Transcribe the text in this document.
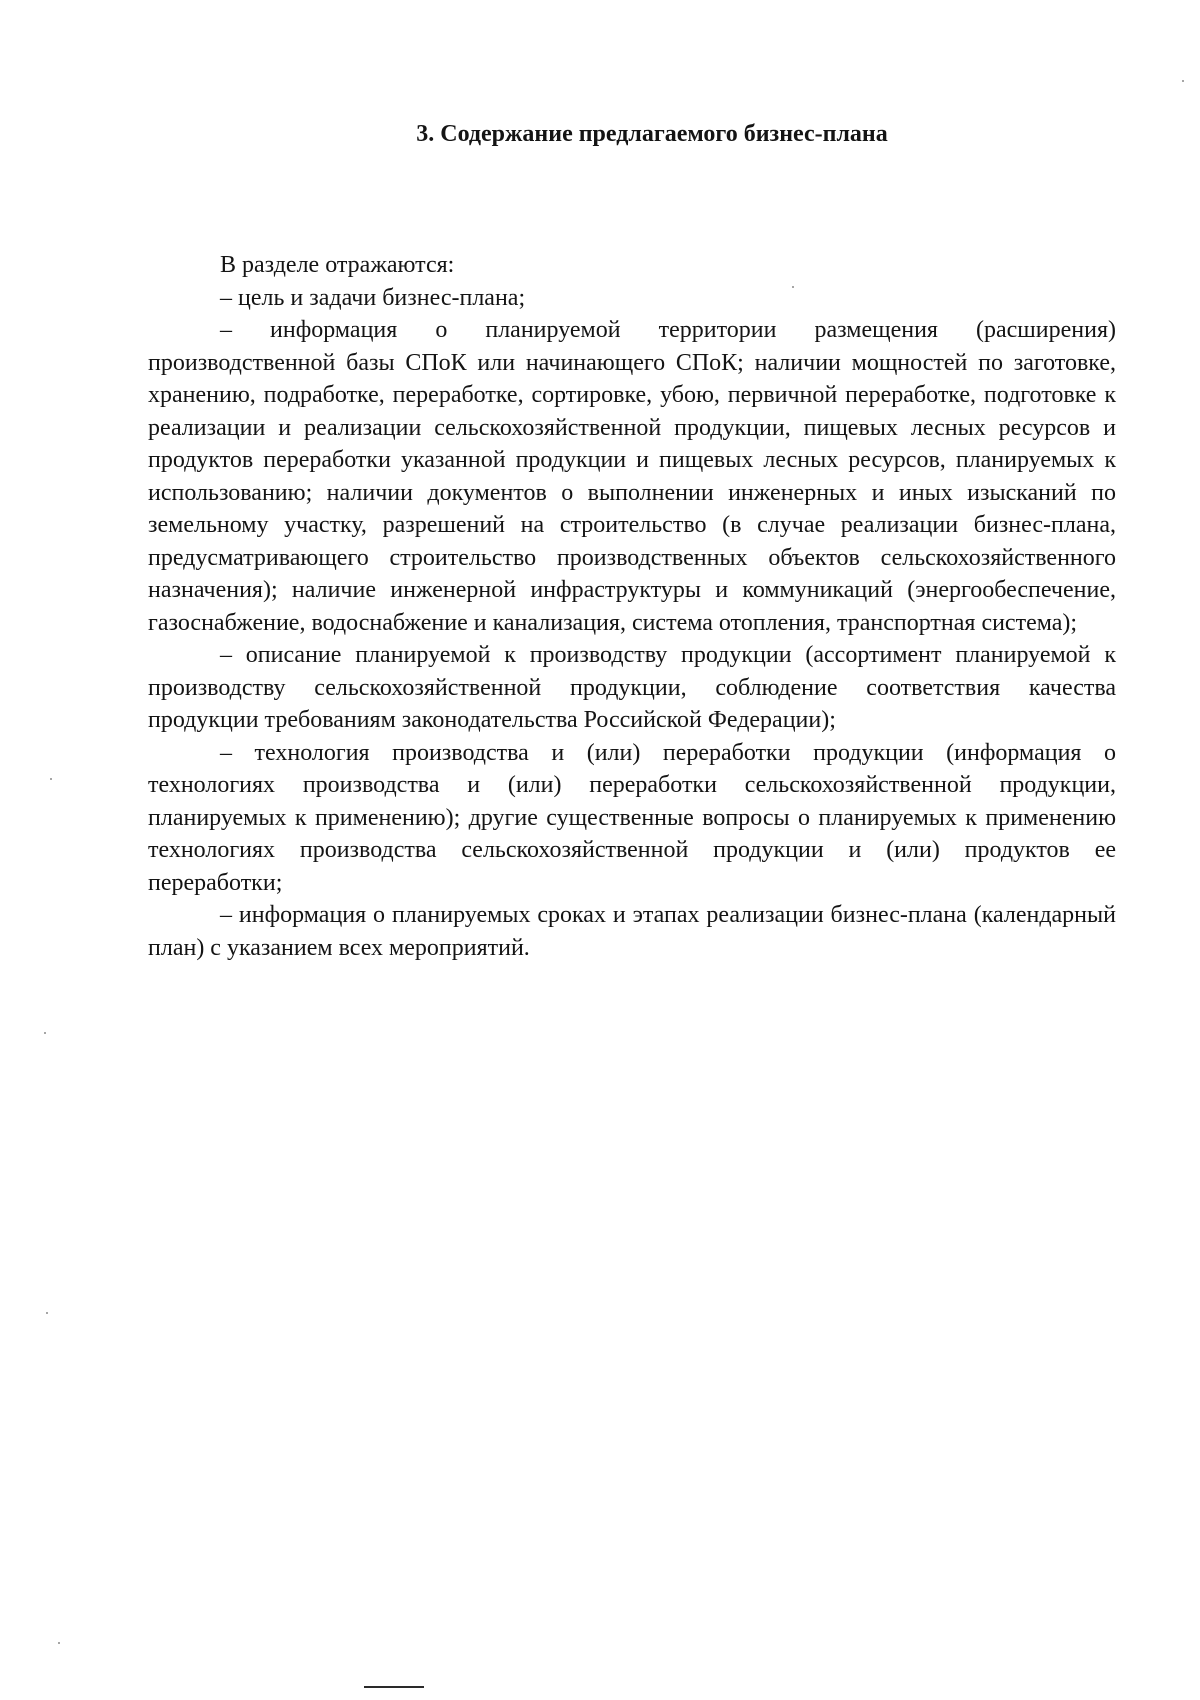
3. Содержание предлагаемого бизнес-плана

В разделе отражаются:

– цель и задачи бизнес-плана;

– информация о планируемой территории размещения (расширения) производственной базы СПоК или начинающего СПоК; наличии мощностей по заготовке, хранению, подработке, переработке, сортировке, убою, первичной переработке, подготовке к реализации и реализации сельскохозяйственной продукции, пищевых лесных ресурсов и продуктов переработки указанной продукции и пищевых лесных ресурсов, планируемых к использованию; наличии документов о выполнении инженерных и иных изысканий по земельному участку, разрешений на строительство (в случае реализации бизнес-плана, предусматривающего строительство производственных объектов сельскохозяйственного назначения); наличие инженерной инфраструктуры и коммуникаций (энергообеспечение, газоснабжение, водоснабжение и канализация, система отопления, транспортная система);

– описание планируемой к производству продукции (ассортимент планируемой к производству сельскохозяйственной продукции, соблюдение соответствия качества продукции требованиям законодательства Российской Федерации);

– технология производства и (или) переработки продукции (информация о технологиях производства и (или) переработки сельскохозяйственной продукции, планируемых к применению); другие существенные вопросы о планируемых к применению технологиях производства сельскохозяйственной продукции и (или) продуктов ее переработки;

– информация о планируемых сроках и этапах реализации бизнес-плана (календарный план) с указанием всех мероприятий.
